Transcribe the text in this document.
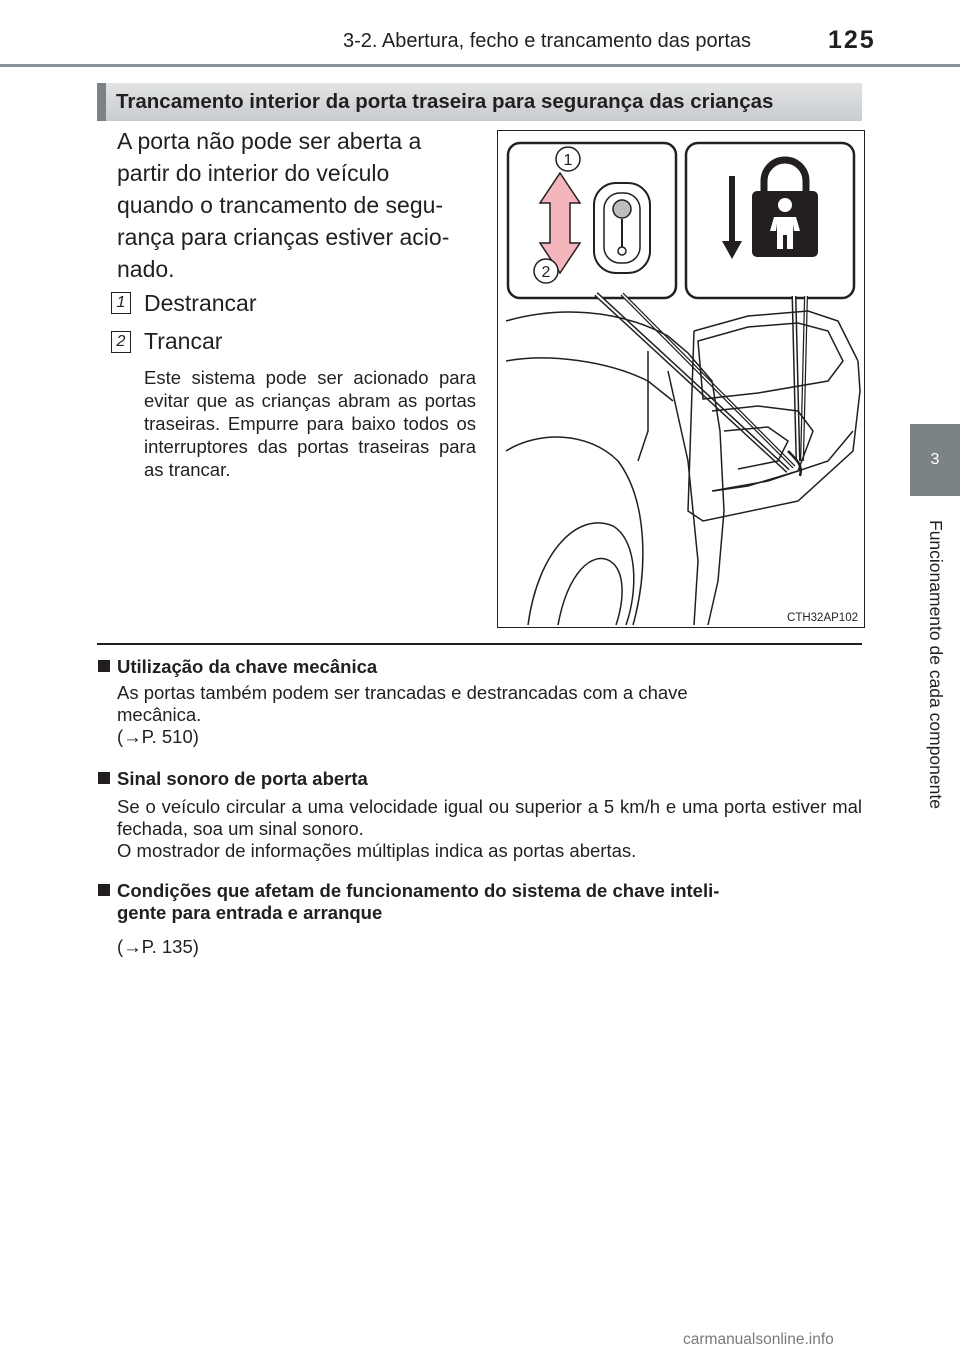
3-2. Abertura, fecho e trancamento das portas	125
3
Funcionamento de cada componente
Trancamento interior da porta traseira para segurança das crianças
A porta não pode ser aberta a
partir do interior do veículo
quando o trancamento de segu-
rança para crianças estiver acio-
nado.
1 Destrancar
2 Trancar
Este sistema pode ser acionado para evitar que as crianças abram as portas traseiras. Empurre para baixo todos os interruptores das portas traseiras para as trancar.
1
2
CTH32AP102
Utilização da chave mecânica
As portas também podem ser trancadas e destrancadas com a chave
mecânica.
(→P. 510)
Sinal sonoro de porta aberta
Se o veículo circular a uma velocidade igual ou superior a 5 km/h e uma porta estiver mal fechada, soa um sinal sonoro.
O mostrador de informações múltiplas indica as portas abertas.
Condições que afetam de funcionamento do sistema de chave inteli-
gente para entrada e arranque
(→P. 135)
carmanualsonline.info
